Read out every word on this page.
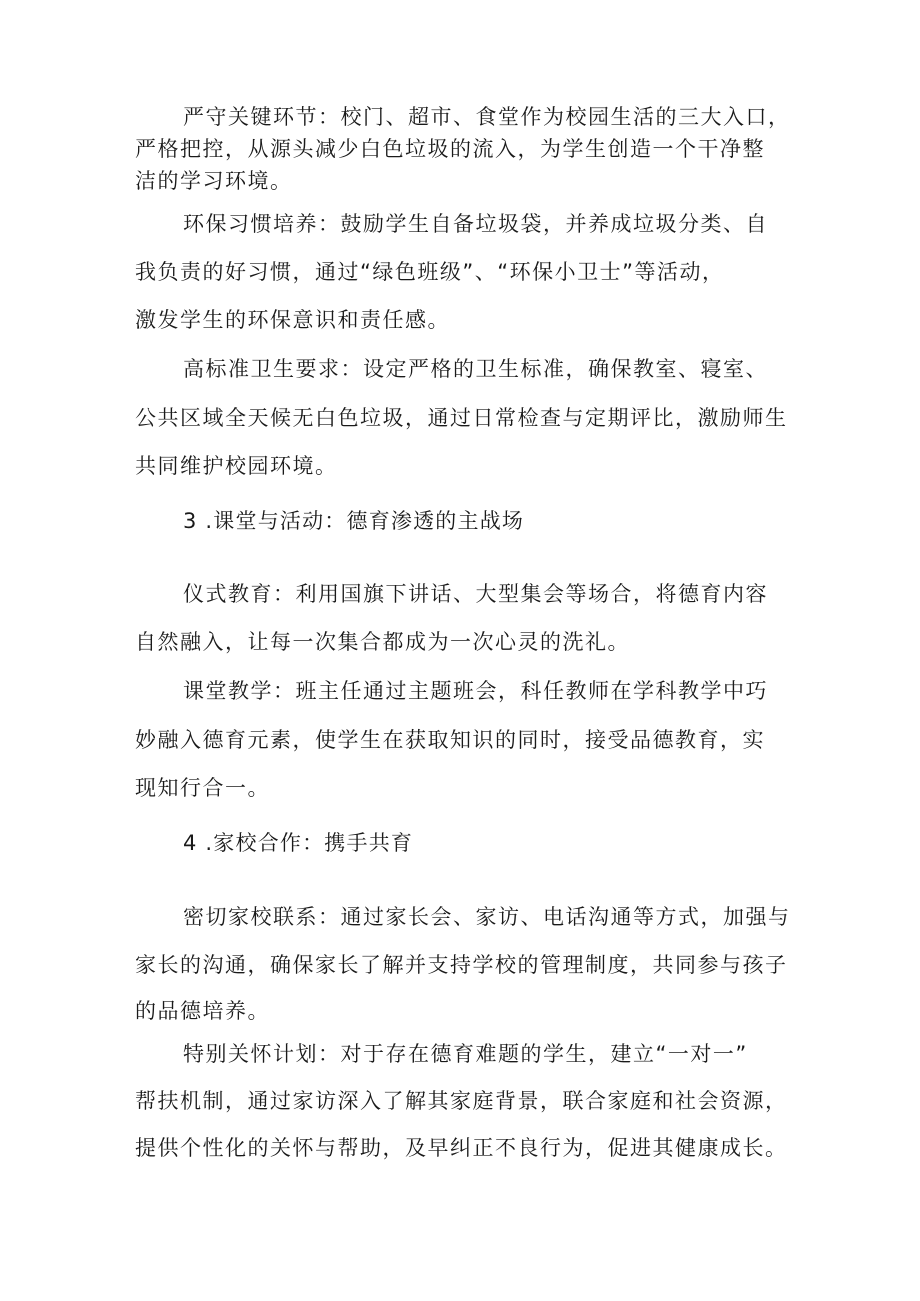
严守关键环节：校门、超市、食堂作为校园生活的三大入口，
严格把控，从源头减少白色垃圾的流入，为学生创造一个干净整
洁的学习环境。
环保习惯培养：鼓励学生自备垃圾袋，并养成垃圾分类、自
我负责的好习惯，通过“绿色班级”、“环保小卫士”等活动，
激发学生的环保意识和责任感。
高标准卫生要求：设定严格的卫生标准，确保教室、寝室、
公共区域全天候无白色垃圾，通过日常检查与定期评比，激励师生
共同维护校园环境。
3 .课堂与活动：德育渗透的主战场
仪式教育：利用国旗下讲话、大型集会等场合，将德育内容
自然融入，让每一次集合都成为一次心灵的洗礼。
课堂教学：班主任通过主题班会，科任教师在学科教学中巧
妙融入德育元素，使学生在获取知识的同时，接受品德教育，实
现知行合一。
4 .家校合作：携手共育
密切家校联系：通过家长会、家访、电话沟通等方式，加强与
家长的沟通，确保家长了解并支持学校的管理制度，共同参与孩子
的品德培养。
特别关怀计划：对于存在德育难题的学生，建立“一对一”
帮扶机制，通过家访深入了解其家庭背景，联合家庭和社会资源，
提供个性化的关怀与帮助，及早纠正不良行为，促进其健康成长。
